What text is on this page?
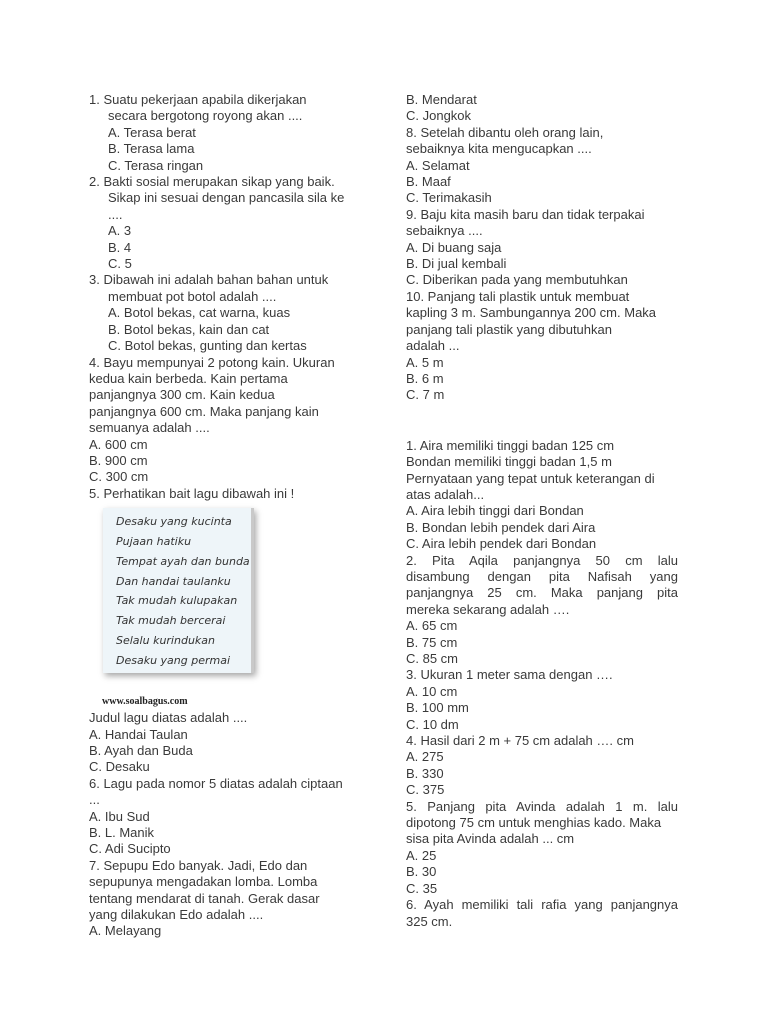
1. Suatu pekerjaan apabila dikerjakan
secara bergotong royong akan ....
A. Terasa berat
B. Terasa lama
C. Terasa ringan
2. Bakti sosial merupakan sikap yang baik.
Sikap ini sesuai dengan pancasila sila ke
....
A. 3
B. 4
C. 5
3. Dibawah ini adalah bahan bahan untuk
membuat pot botol adalah ....
A. Botol bekas, cat warna, kuas
B. Botol bekas, kain dan cat
C. Botol bekas, gunting dan kertas
4. Bayu mempunyai 2 potong kain. Ukuran
kedua kain berbeda. Kain pertama
panjangnya 300 cm. Kain kedua
panjangnya 600 cm. Maka panjang kain
semuanya adalah ....
A. 600 cm
B. 900 cm
C. 300 cm
5. Perhatikan bait lagu dibawah ini !
Desaku yang kucinta
Pujaan hatiku
Tempat ayah dan bunda
Dan handai taulanku
Tak mudah kulupakan
Tak mudah bercerai
Selalu kurindukan
Desaku yang permai
www.soalbagus.com
Judul lagu diatas adalah ....
A. Handai Taulan
B. Ayah dan Buda
C. Desaku
6. Lagu pada nomor 5 diatas adalah ciptaan
...
A. Ibu Sud
B. L. Manik
C. Adi Sucipto
7. Sepupu Edo banyak. Jadi, Edo dan
sepupunya mengadakan lomba. Lomba
tentang mendarat di tanah. Gerak dasar
yang dilakukan Edo adalah ....
A. Melayang
B. Mendarat
C. Jongkok
8. Setelah dibantu oleh orang lain,
sebaiknya kita mengucapkan ....
A. Selamat
B. Maaf
C. Terimakasih
9. Baju kita masih baru dan tidak terpakai
sebaiknya ....
A. Di buang saja
B. Di jual kembali
C. Diberikan pada yang membutuhkan
10. Panjang tali plastik untuk membuat
kapling 3 m. Sambungannya 200 cm. Maka
panjang tali plastik yang dibutuhkan
adalah ...
A. 5 m
B. 6 m
C. 7 m
1. Aira memiliki tinggi badan 125 cm
Bondan memiliki tinggi badan 1,5 m
Pernyataan yang tepat untuk keterangan di
atas adalah...
A. Aira lebih tinggi dari Bondan
B. Bondan lebih pendek dari Aira
C. Aira lebih pendek dari Bondan
2. Pita Aqila panjangnya 50 cm lalu
disambung dengan pita Nafisah yang
panjangnya 25 cm. Maka panjang pita
mereka sekarang adalah ….
A. 65 cm
B. 75 cm
C. 85 cm
3. Ukuran 1 meter sama dengan ….
A. 10 cm
B. 100 mm
C. 10 dm
4. Hasil dari 2 m + 75 cm adalah …. cm
A. 275
B. 330
C. 375
5. Panjang pita Avinda adalah 1 m. lalu
dipotong 75 cm untuk menghias kado. Maka
sisa pita Avinda adalah ... cm
A. 25
B. 30
C. 35
6. Ayah memiliki tali rafia yang panjangnya
325 cm.
